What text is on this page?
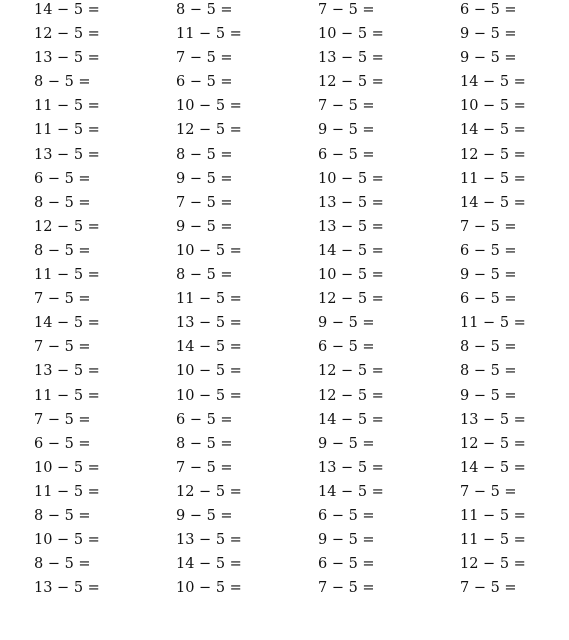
14 − 5 =	8 − 5 =	7 − 5 =	6 − 5 =
12 − 5 =	11 − 5 =	10 − 5 =	9 − 5 =
13 − 5 =	7 − 5 =	13 − 5 =	9 − 5 =
8 − 5 =	6 − 5 =	12 − 5 =	14 − 5 =
11 − 5 =	10 − 5 =	7 − 5 =	10 − 5 =
11 − 5 =	12 − 5 =	9 − 5 =	14 − 5 =
13 − 5 =	8 − 5 =	6 − 5 =	12 − 5 =
6 − 5 =	9 − 5 =	10 − 5 =	11 − 5 =
8 − 5 =	7 − 5 =	13 − 5 =	14 − 5 =
12 − 5 =	9 − 5 =	13 − 5 =	7 − 5 =
8 − 5 =	10 − 5 =	14 − 5 =	6 − 5 =
11 − 5 =	8 − 5 =	10 − 5 =	9 − 5 =
7 − 5 =	11 − 5 =	12 − 5 =	6 − 5 =
14 − 5 =	13 − 5 =	9 − 5 =	11 − 5 =
7 − 5 =	14 − 5 =	6 − 5 =	8 − 5 =
13 − 5 =	10 − 5 =	12 − 5 =	8 − 5 =
11 − 5 =	10 − 5 =	12 − 5 =	9 − 5 =
7 − 5 =	6 − 5 =	14 − 5 =	13 − 5 =
6 − 5 =	8 − 5 =	9 − 5 =	12 − 5 =
10 − 5 =	7 − 5 =	13 − 5 =	14 − 5 =
11 − 5 =	12 − 5 =	14 − 5 =	7 − 5 =
8 − 5 =	9 − 5 =	6 − 5 =	11 − 5 =
10 − 5 =	13 − 5 =	9 − 5 =	11 − 5 =
8 − 5 =	14 − 5 =	6 − 5 =	12 − 5 =
13 − 5 =	10 − 5 =	7 − 5 =	7 − 5 =
